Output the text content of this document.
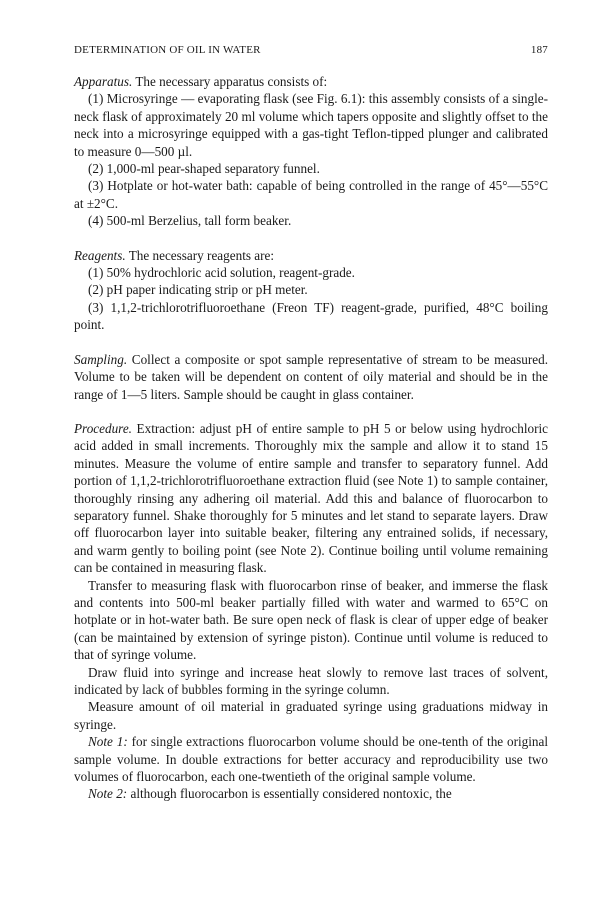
DETERMINATION OF OIL IN WATER	187

Apparatus. The necessary apparatus consists of:

(1) Microsyringe — evaporating flask (see Fig. 6.1): this assembly consists of a single-neck flask of approximately 20 ml volume which tapers opposite and slightly offset to the neck into a microsyringe equipped with a gas-tight Teflon-tipped plunger and calibrated to measure 0—500 µl.

(2) 1,000-ml pear-shaped separatory funnel.

(3) Hotplate or hot-water bath: capable of being controlled in the range of 45°—55°C at ±2°C.

(4) 500-ml Berzelius, tall form beaker.

Reagents. The necessary reagents are:

(1) 50% hydrochloric acid solution, reagent-grade.

(2) pH paper indicating strip or pH meter.

(3) 1,1,2-trichlorotrifluoroethane (Freon TF) reagent-grade, purified, 48°C boiling point.

Sampling. Collect a composite or spot sample representative of stream to be measured. Volume to be taken will be dependent on content of oily material and should be in the range of 1—5 liters. Sample should be caught in glass container.

Procedure. Extraction: adjust pH of entire sample to pH 5 or below using hydrochloric acid added in small increments. Thoroughly mix the sample and allow it to stand 15 minutes. Measure the volume of entire sample and transfer to separatory funnel. Add portion of 1,1,2-trichlorotrifluoroethane extraction fluid (see Note 1) to sample container, thoroughly rinsing any adhering oil material. Add this and balance of fluorocarbon to separatory funnel. Shake thoroughly for 5 minutes and let stand to separate layers. Draw off fluorocarbon layer into suitable beaker, filtering any entrained solids, if necessary, and warm gently to boiling point (see Note 2). Continue boiling until volume remaining can be contained in measuring flask.

Transfer to measuring flask with fluorocarbon rinse of beaker, and immerse the flask and contents into 500-ml beaker partially filled with water and warmed to 65°C on hotplate or in hot-water bath. Be sure open neck of flask is clear of upper edge of beaker (can be maintained by extension of syringe piston). Continue until volume is reduced to that of syringe volume.

Draw fluid into syringe and increase heat slowly to remove last traces of solvent, indicated by lack of bubbles forming in the syringe column.

Measure amount of oil material in graduated syringe using graduations midway in syringe.

Note 1: for single extractions fluorocarbon volume should be one-tenth of the original sample volume. In double extractions for better accuracy and reproducibility use two volumes of fluorocarbon, each one-twentieth of the original sample volume.

Note 2: although fluorocarbon is essentially considered nontoxic, the
